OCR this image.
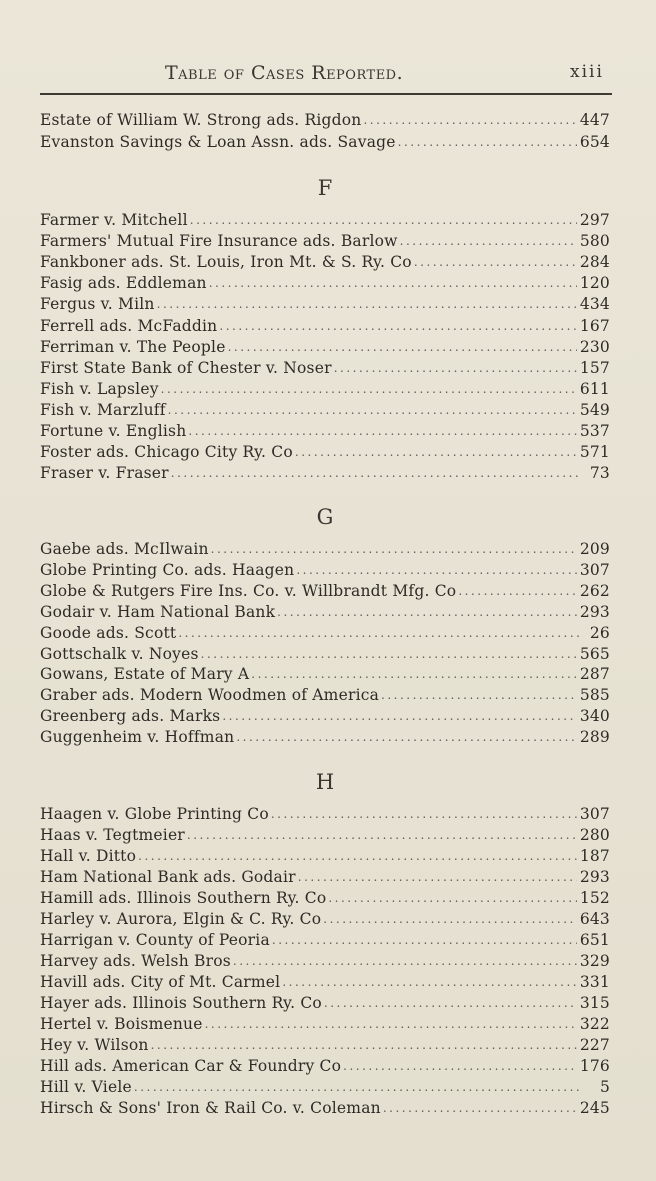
Table of Cases Reported.	xiii
Estate of William W. Strong ads. Rigdon .....	447
Evanston Savings & Loan Assn. ads. Savage .....	654
F
Farmer v. Mitchell .....	297
Farmers' Mutual Fire Insurance ads. Barlow .....	580
Fankboner ads. St. Louis, Iron Mt. & S. Ry. Co .....	284
Fasig ads. Eddleman .....	120
Fergus v. Miln .....	434
Ferrell ads. McFaddin .....	167
Ferriman v. The People .....	230
First State Bank of Chester v. Noser .....	157
Fish v. Lapsley .....	611
Fish v. Marzluff .....	549
Fortune v. English .....	537
Foster ads. Chicago City Ry. Co .....	571
Fraser v. Fraser .....	73
G
Gaebe ads. McIlwain .....	209
Globe Printing Co. ads. Haagen .....	307
Globe & Rutgers Fire Ins. Co. v. Willbrandt Mfg. Co .....	262
Godair v. Ham National Bank .....	293
Goode ads. Scott .....	26
Gottschalk v. Noyes .....	565
Gowans, Estate of Mary A .....	287
Graber ads. Modern Woodmen of America .....	585
Greenberg ads. Marks .....	340
Guggenheim v. Hoffman .....	289
H
Haagen v. Globe Printing Co .....	307
Haas v. Tegtmeier .....	280
Hall v. Ditto .....	187
Ham National Bank ads. Godair .....	293
Hamill ads. Illinois Southern Ry. Co .....	152
Harley v. Aurora, Elgin & C. Ry. Co .....	643
Harrigan v. County of Peoria .....	651
Harvey ads. Welsh Bros .....	329
Havill ads. City of Mt. Carmel .....	331
Hayer ads. Illinois Southern Ry. Co .....	315
Hertel v. Boismenue .....	322
Hey v. Wilson .....	227
Hill ads. American Car & Foundry Co .....	176
Hill v. Viele .....	5
Hirsch & Sons' Iron & Rail Co. v. Coleman .....	245
